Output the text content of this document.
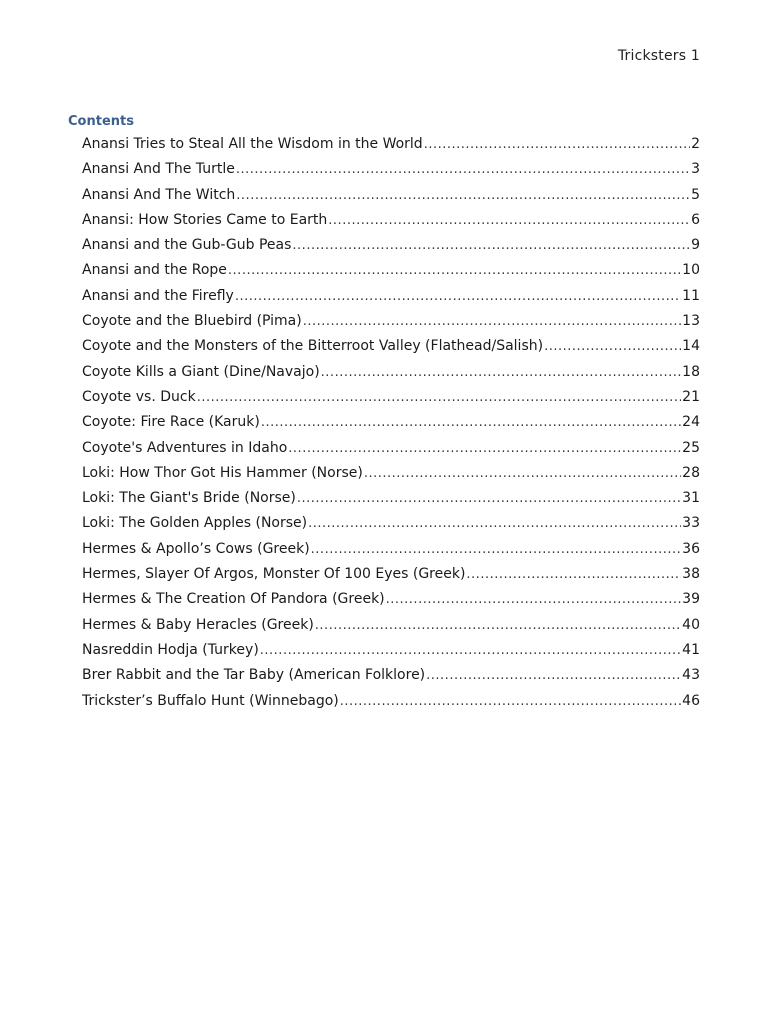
Tricksters 1
Contents
Anansi Tries to Steal All the Wisdom in the World .....	2
Anansi And The Turtle .....	3
Anansi And The Witch .....	5
Anansi: How Stories Came to Earth .....	6
Anansi and the Gub-Gub Peas .....	9
Anansi and the Rope .....	10
Anansi and the Firefly .....	11
Coyote and the Bluebird (Pima) .....	13
Coyote and the Monsters of the Bitterroot Valley (Flathead/Salish) .....	14
Coyote Kills a Giant (Dine/Navajo) .....	18
Coyote vs. Duck .....	21
Coyote: Fire Race (Karuk) .....	24
Coyote's Adventures in Idaho .....	25
Loki: How Thor Got His Hammer (Norse) .....	28
Loki: The Giant's Bride (Norse) .....	31
Loki: The Golden Apples (Norse) .....	33
Hermes & Apollo’s Cows (Greek) .....	36
Hermes, Slayer Of Argos, Monster Of 100 Eyes (Greek) .....	38
Hermes & The Creation Of Pandora (Greek) .....	39
Hermes & Baby Heracles (Greek) .....	40
Nasreddin Hodja (Turkey) .....	41
Brer Rabbit and the Tar Baby (American Folklore) .....	43
Trickster’s Buffalo Hunt (Winnebago) .....	46
